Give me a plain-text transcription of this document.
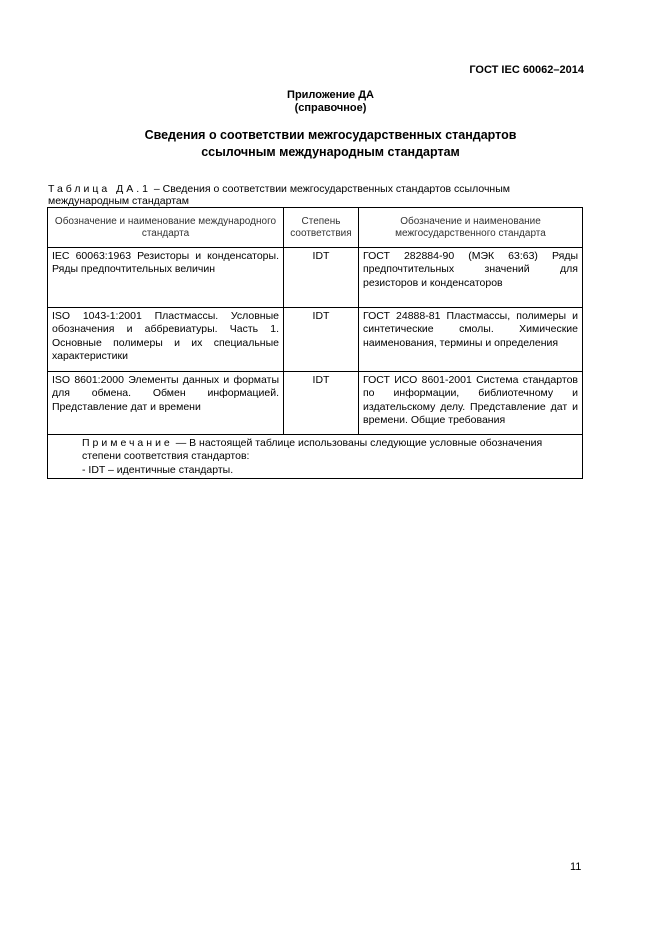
ГОСТ IEC 60062–2014
Приложение ДА
(справочное)
Сведения о соответствии межгосударственных стандартов
ссылочным международным стандартам
Таблица ДА.1 – Сведения о соответствии межгосударственных стандартов ссылочным международным стандартам
Обозначение и наименование международного стандарта	Степень соответствия	Обозначение и наименование межгосударственного стандарта
IEC 60063:1963 Резисторы и конденсаторы. Ряды предпочтительных величин	IDT	ГОСТ 282884-90 (МЭК 63:63) Ряды предпочтительных значений для резисторов и конденсаторов
ISO 1043-1:2001 Пластмассы. Условные обозначения и аббревиатуры. Часть 1. Основные полимеры и их специальные характеристики	IDT	ГОСТ 24888-81 Пластмассы, полимеры и синтетические смолы. Химические наименования, термины и определения
ISO 8601:2000 Элементы данных и форматы для обмена. Обмен информацией. Представление дат и времени	IDT	ГОСТ ИСО 8601-2001 Система стандартов по информации, библиотечному и издательскому делу. Представление дат и времени. Общие требования
Примечание — В настоящей таблице использованы следующие условные обозначения степени соответствия стандартов:
- IDT – идентичные стандарты.		
11
